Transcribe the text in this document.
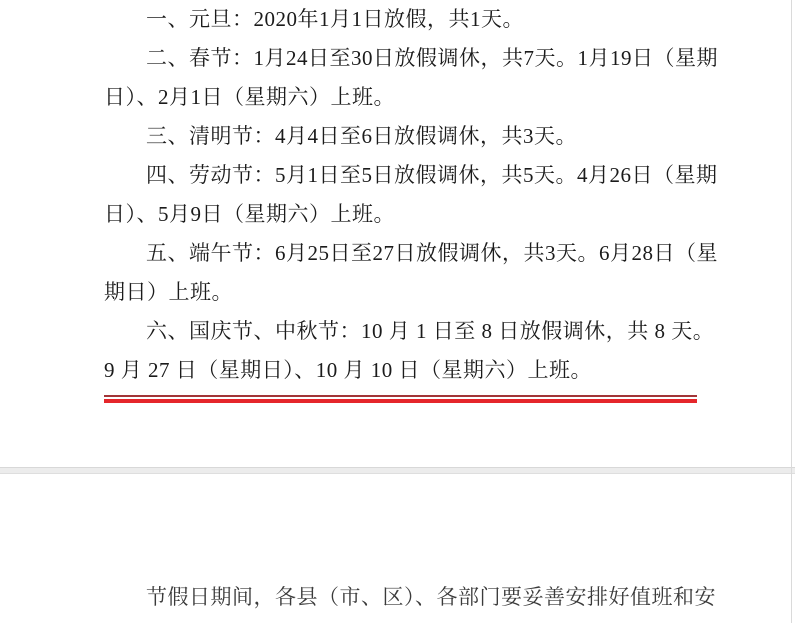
一、元旦：2020年1月1日放假，共1天。
二、春节：1月24日至30日放假调休，共7天。1月19日（星期
日）、2月1日（星期六）上班。
三、清明节：4月4日至6日放假调休，共3天。
四、劳动节：5月1日至5日放假调休，共5天。4月26日（星期
日）、5月9日（星期六）上班。
五、端午节：6月25日至27日放假调休，共3天。6月28日（星
期日）上班。
六、国庆节、中秋节：10 月 1 日至 8 日放假调休，共 8 天。
9 月 27 日（星期日）、10 月 10 日（星期六）上班。
节假日期间，各县（市、区）、各部门要妥善安排好值班和安
